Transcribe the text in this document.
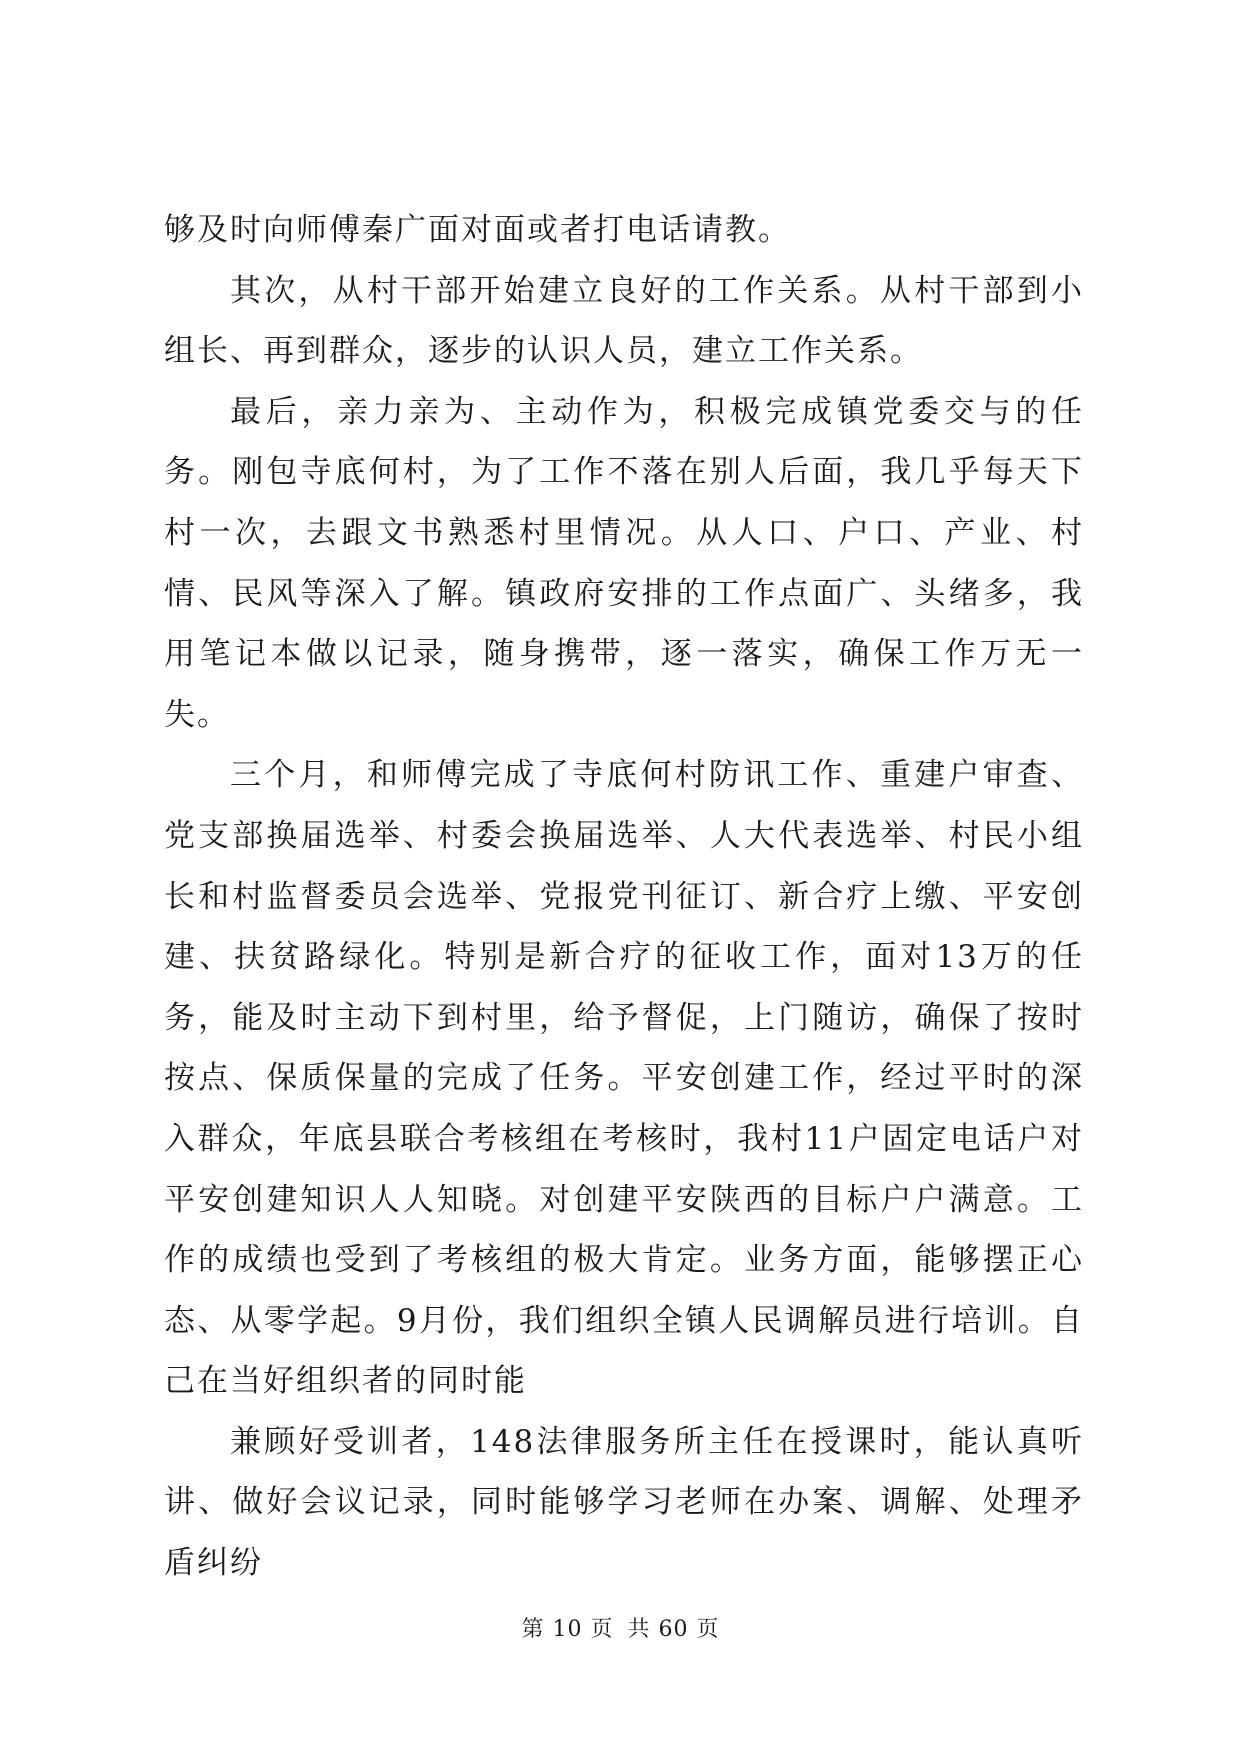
够及时向师傅秦广面对面或者打电话请教。

其次，从村干部开始建立良好的工作关系。从村干部到小组长、再到群众，逐步的认识人员，建立工作关系。

最后，亲力亲为、主动作为，积极完成镇党委交与的任务。刚包寺底何村，为了工作不落在别人后面，我几乎每天下村一次，去跟文书熟悉村里情况。从人口、户口、产业、村情、民风等深入了解。镇政府安排的工作点面广、头绪多，我用笔记本做以记录，随身携带，逐一落实，确保工作万无一失。

三个月，和师傅完成了寺底何村防讯工作、重建户审查、党支部换届选举、村委会换届选举、人大代表选举、村民小组长和村监督委员会选举、党报党刊征订、新合疗上缴、平安创建、扶贫路绿化。特别是新合疗的征收工作，面对13万的任务，能及时主动下到村里，给予督促，上门随访，确保了按时按点、保质保量的完成了任务。平安创建工作，经过平时的深入群众，年底县联合考核组在考核时，我村11户固定电话户对平安创建知识人人知晓。对创建平安陕西的目标户户满意。工作的成绩也受到了考核组的极大肯定。业务方面，能够摆正心态、从零学起。9月份，我们组织全镇人民调解员进行培训。自己在当好组织者的同时能

兼顾好受训者，148法律服务所主任在授课时，能认真听讲、做好会议记录，同时能够学习老师在办案、调解、处理矛盾纠纷

第 10 页 共 60 页
